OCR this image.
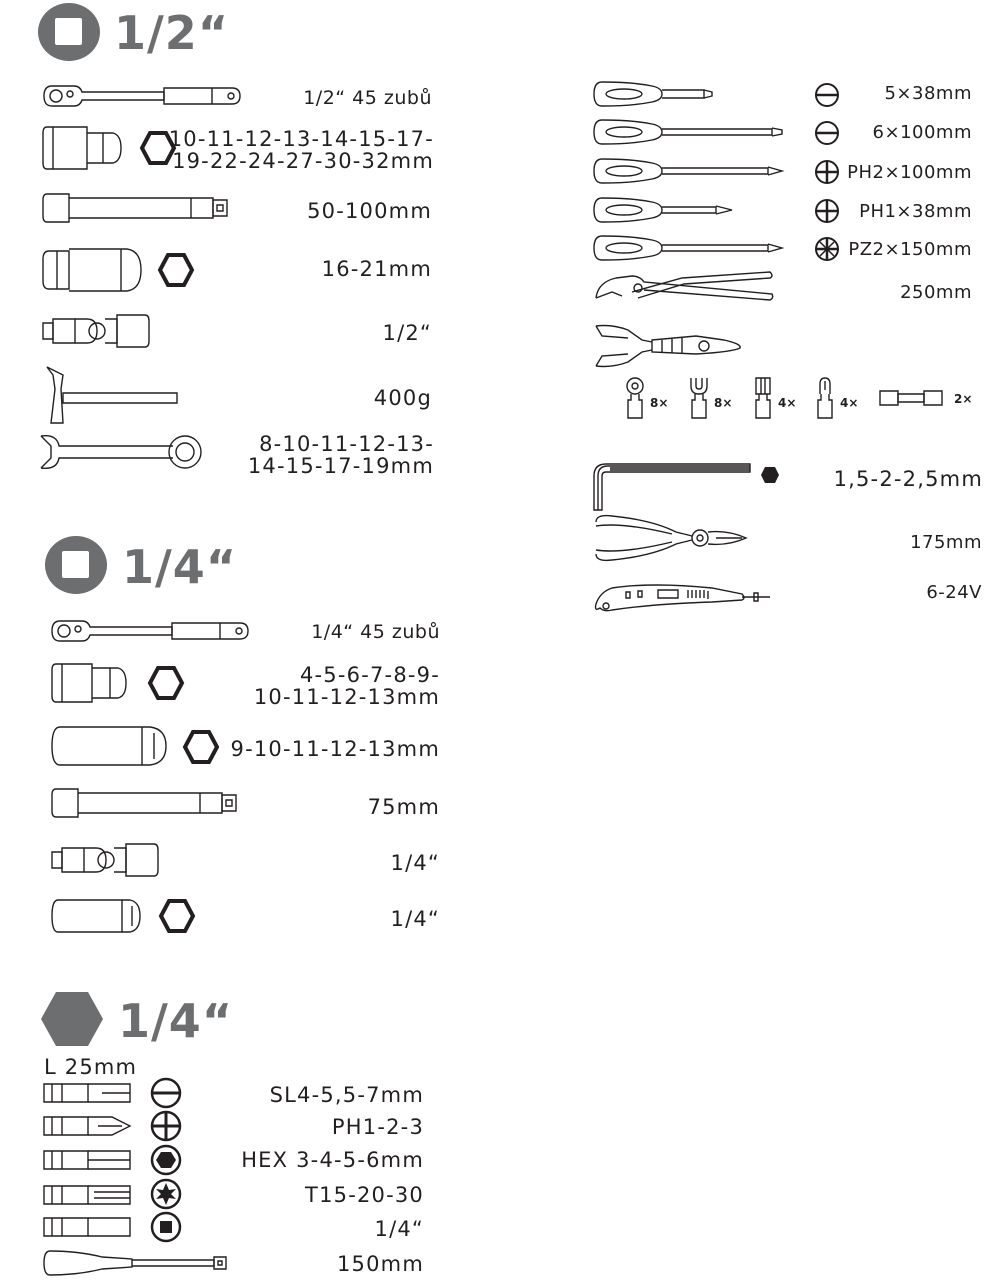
1/2“
1/2“ 45 zubů
10-11-12-13-14-15-17-
19-22-24-27-30-32mm
50-100mm
16-21mm
1/2“
400g
8-10-11-12-13-
14-15-17-19mm
1/4“
1/4“ 45 zubů
4-5-6-7-8-9-
10-11-12-13mm
9-10-11-12-13mm
75mm
1/4“
1/4“
1/4“
L 25mm
SL4-5,5-7mm
PH1-2-3
HEX 3-4-5-6mm
T15-20-30
1/4“
150mm
5×38mm
6×100mm
PH2×100mm
PH1×38mm
PZ2×150mm
250mm
8×	8×	4×	4×	2×
1,5-2-2,5mm
175mm
6-24V
